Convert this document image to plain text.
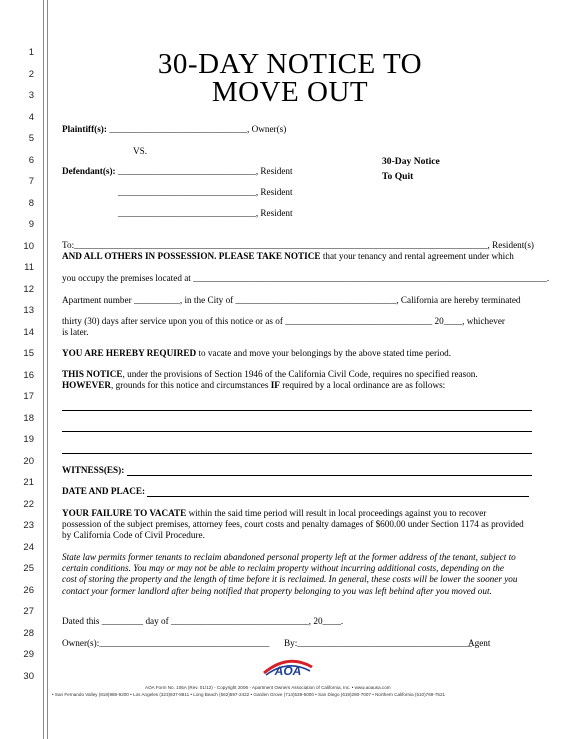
1
2
3
4
5
6
7
8
9
10
11
12
13
14
15
16
17
18
19
20
21
22
23
24
25
26
27
28
29
30
30-DAY NOTICE TO
MOVE OUT
Plaintiff(s): ______________________________, Owner(s)
VS.
30-Day Notice
To Quit
Defendant(s): ______________________________, Resident
______________________________, Resident
______________________________, Resident
To:__________________________________________________________________________________________, Resident(s)
AND ALL OTHERS IN POSSESSION. PLEASE TAKE NOTICE that your tenancy and rental agreement under which
you occupy the premises located at _____________________________________________________________________________.
Apartment number __________, in the City of ___________________________________, California are hereby terminated
thirty (30) days after service upon you of this notice or as of ________________________________ 20____, whichever
is later.
YOU ARE HEREBY REQUIRED to vacate and move your belongings by the above stated time period.
THIS NOTICE, under the provisions of Section 1946 of the California Civil Code, requires no specified reason.
HOWEVER, grounds for this notice and circumstances IF required by a local ordinance are as follows:
WITNESS(ES):
DATE AND PLACE:
YOUR FAILURE TO VACATE within the said time period will result in local proceedings against you to recover
possession of the subject premises, attorney fees, court costs and penalty damages of $600.00 under Section 1174 as provided
by California Code of Civil Procedure.
State law permits former tenants to reclaim abandoned personal property left at the former address of the tenant, subject to
certain conditions. You may or may not be able to reclaim property without incurring additional costs, depending on the
cost of storing the property and the length of time before it is reclaimed. In general, these costs will be lower the sooner you
contact your former landlord after being notified that property belonging to you was left behind after you moved out.
Dated this _________ day of ______________________________, 20____.
Owner(s):_____________________________________ By:______________________________________
Agent
AOA
AOA Form No. 105A (Rev. 01/12) - Copyright 2006 - Apartment Owners Association of California, Inc. • www.aoausa.com
• San Fernando Valley (818)988-9200 • Los Angeles (323)937-8811 • Long Beach (562)597-2422 • Garden Grove (714)539-6000 • San Diego (619)280-7007 • Northern California (510)769-7521
